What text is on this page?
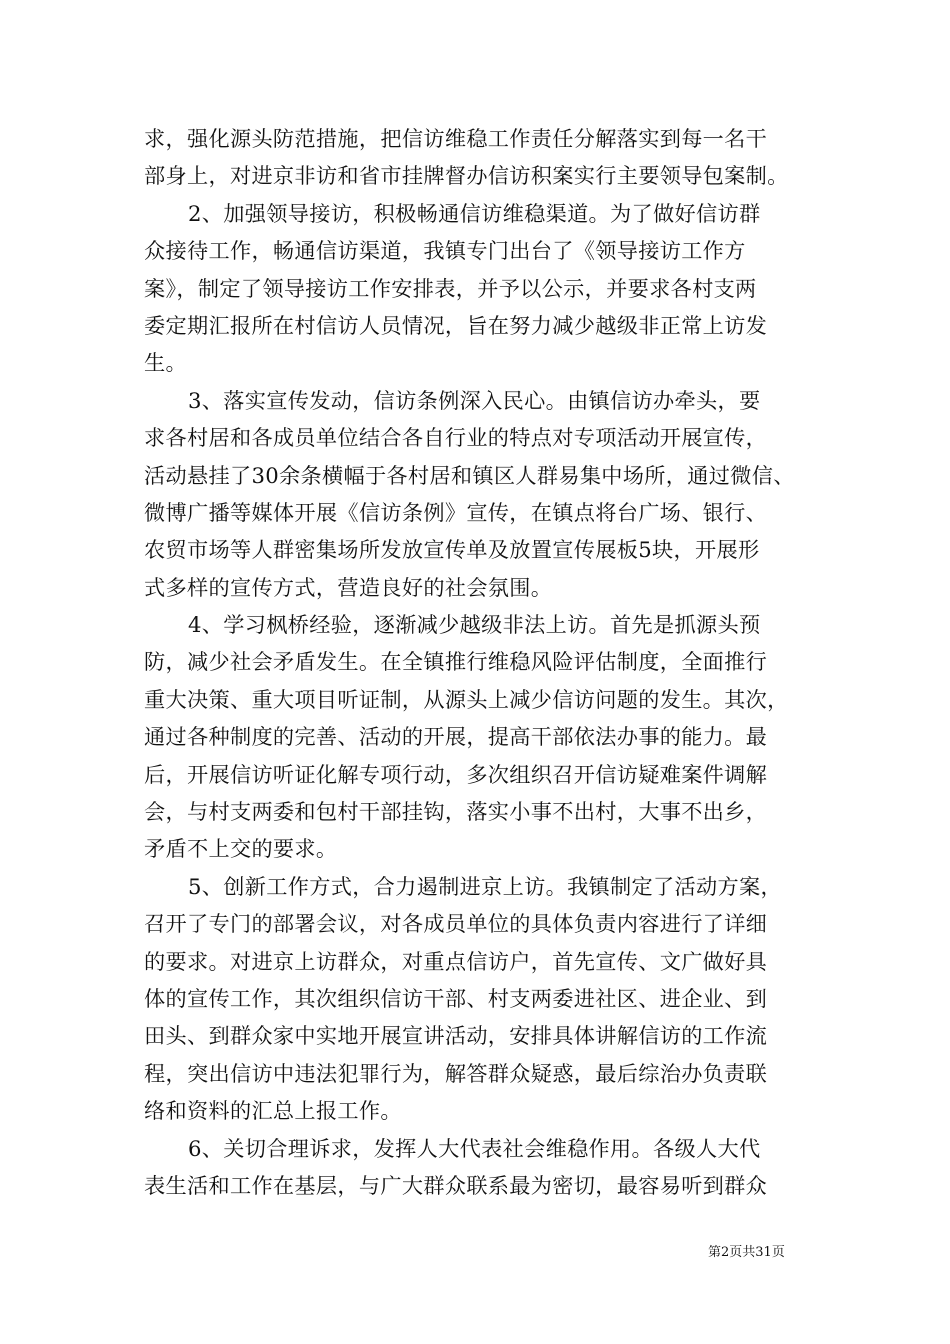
求，强化源头防范措施，把信访维稳工作责任分解落实到每一名干
部身上，对进京非访和省市挂牌督办信访积案实行主要领导包案制。
2、加强领导接访，积极畅通信访维稳渠道。为了做好信访群
众接待工作，畅通信访渠道，我镇专门出台了《领导接访工作方
案》，制定了领导接访工作安排表，并予以公示，并要求各村支两
委定期汇报所在村信访人员情况，旨在努力减少越级非正常上访发
生。
3、落实宣传发动，信访条例深入民心。由镇信访办牵头，要
求各村居和各成员单位结合各自行业的特点对专项活动开展宣传，
活动悬挂了30余条横幅于各村居和镇区人群易集中场所，通过微信、
微博广播等媒体开展《信访条例》宣传，在镇点将台广场、银行、
农贸市场等人群密集场所发放宣传单及放置宣传展板5块，开展形
式多样的宣传方式，营造良好的社会氛围。
4、学习枫桥经验，逐渐减少越级非法上访。首先是抓源头预
防，减少社会矛盾发生。在全镇推行维稳风险评估制度，全面推行
重大决策、重大项目听证制，从源头上减少信访问题的发生。其次，
通过各种制度的完善、活动的开展，提高干部依法办事的能力。最
后，开展信访听证化解专项行动，多次组织召开信访疑难案件调解
会，与村支两委和包村干部挂钩，落实小事不出村，大事不出乡，
矛盾不上交的要求。
5、创新工作方式，合力遏制进京上访。我镇制定了活动方案，
召开了专门的部署会议，对各成员单位的具体负责内容进行了详细
的要求。对进京上访群众，对重点信访户，首先宣传、文广做好具
体的宣传工作，其次组织信访干部、村支两委进社区、进企业、到
田头、到群众家中实地开展宣讲活动，安排具体讲解信访的工作流
程，突出信访中违法犯罪行为，解答群众疑惑，最后综治办负责联
络和资料的汇总上报工作。
6、关切合理诉求，发挥人大代表社会维稳作用。各级人大代
表生活和工作在基层，与广大群众联系最为密切，最容易听到群众
第2页共31页
